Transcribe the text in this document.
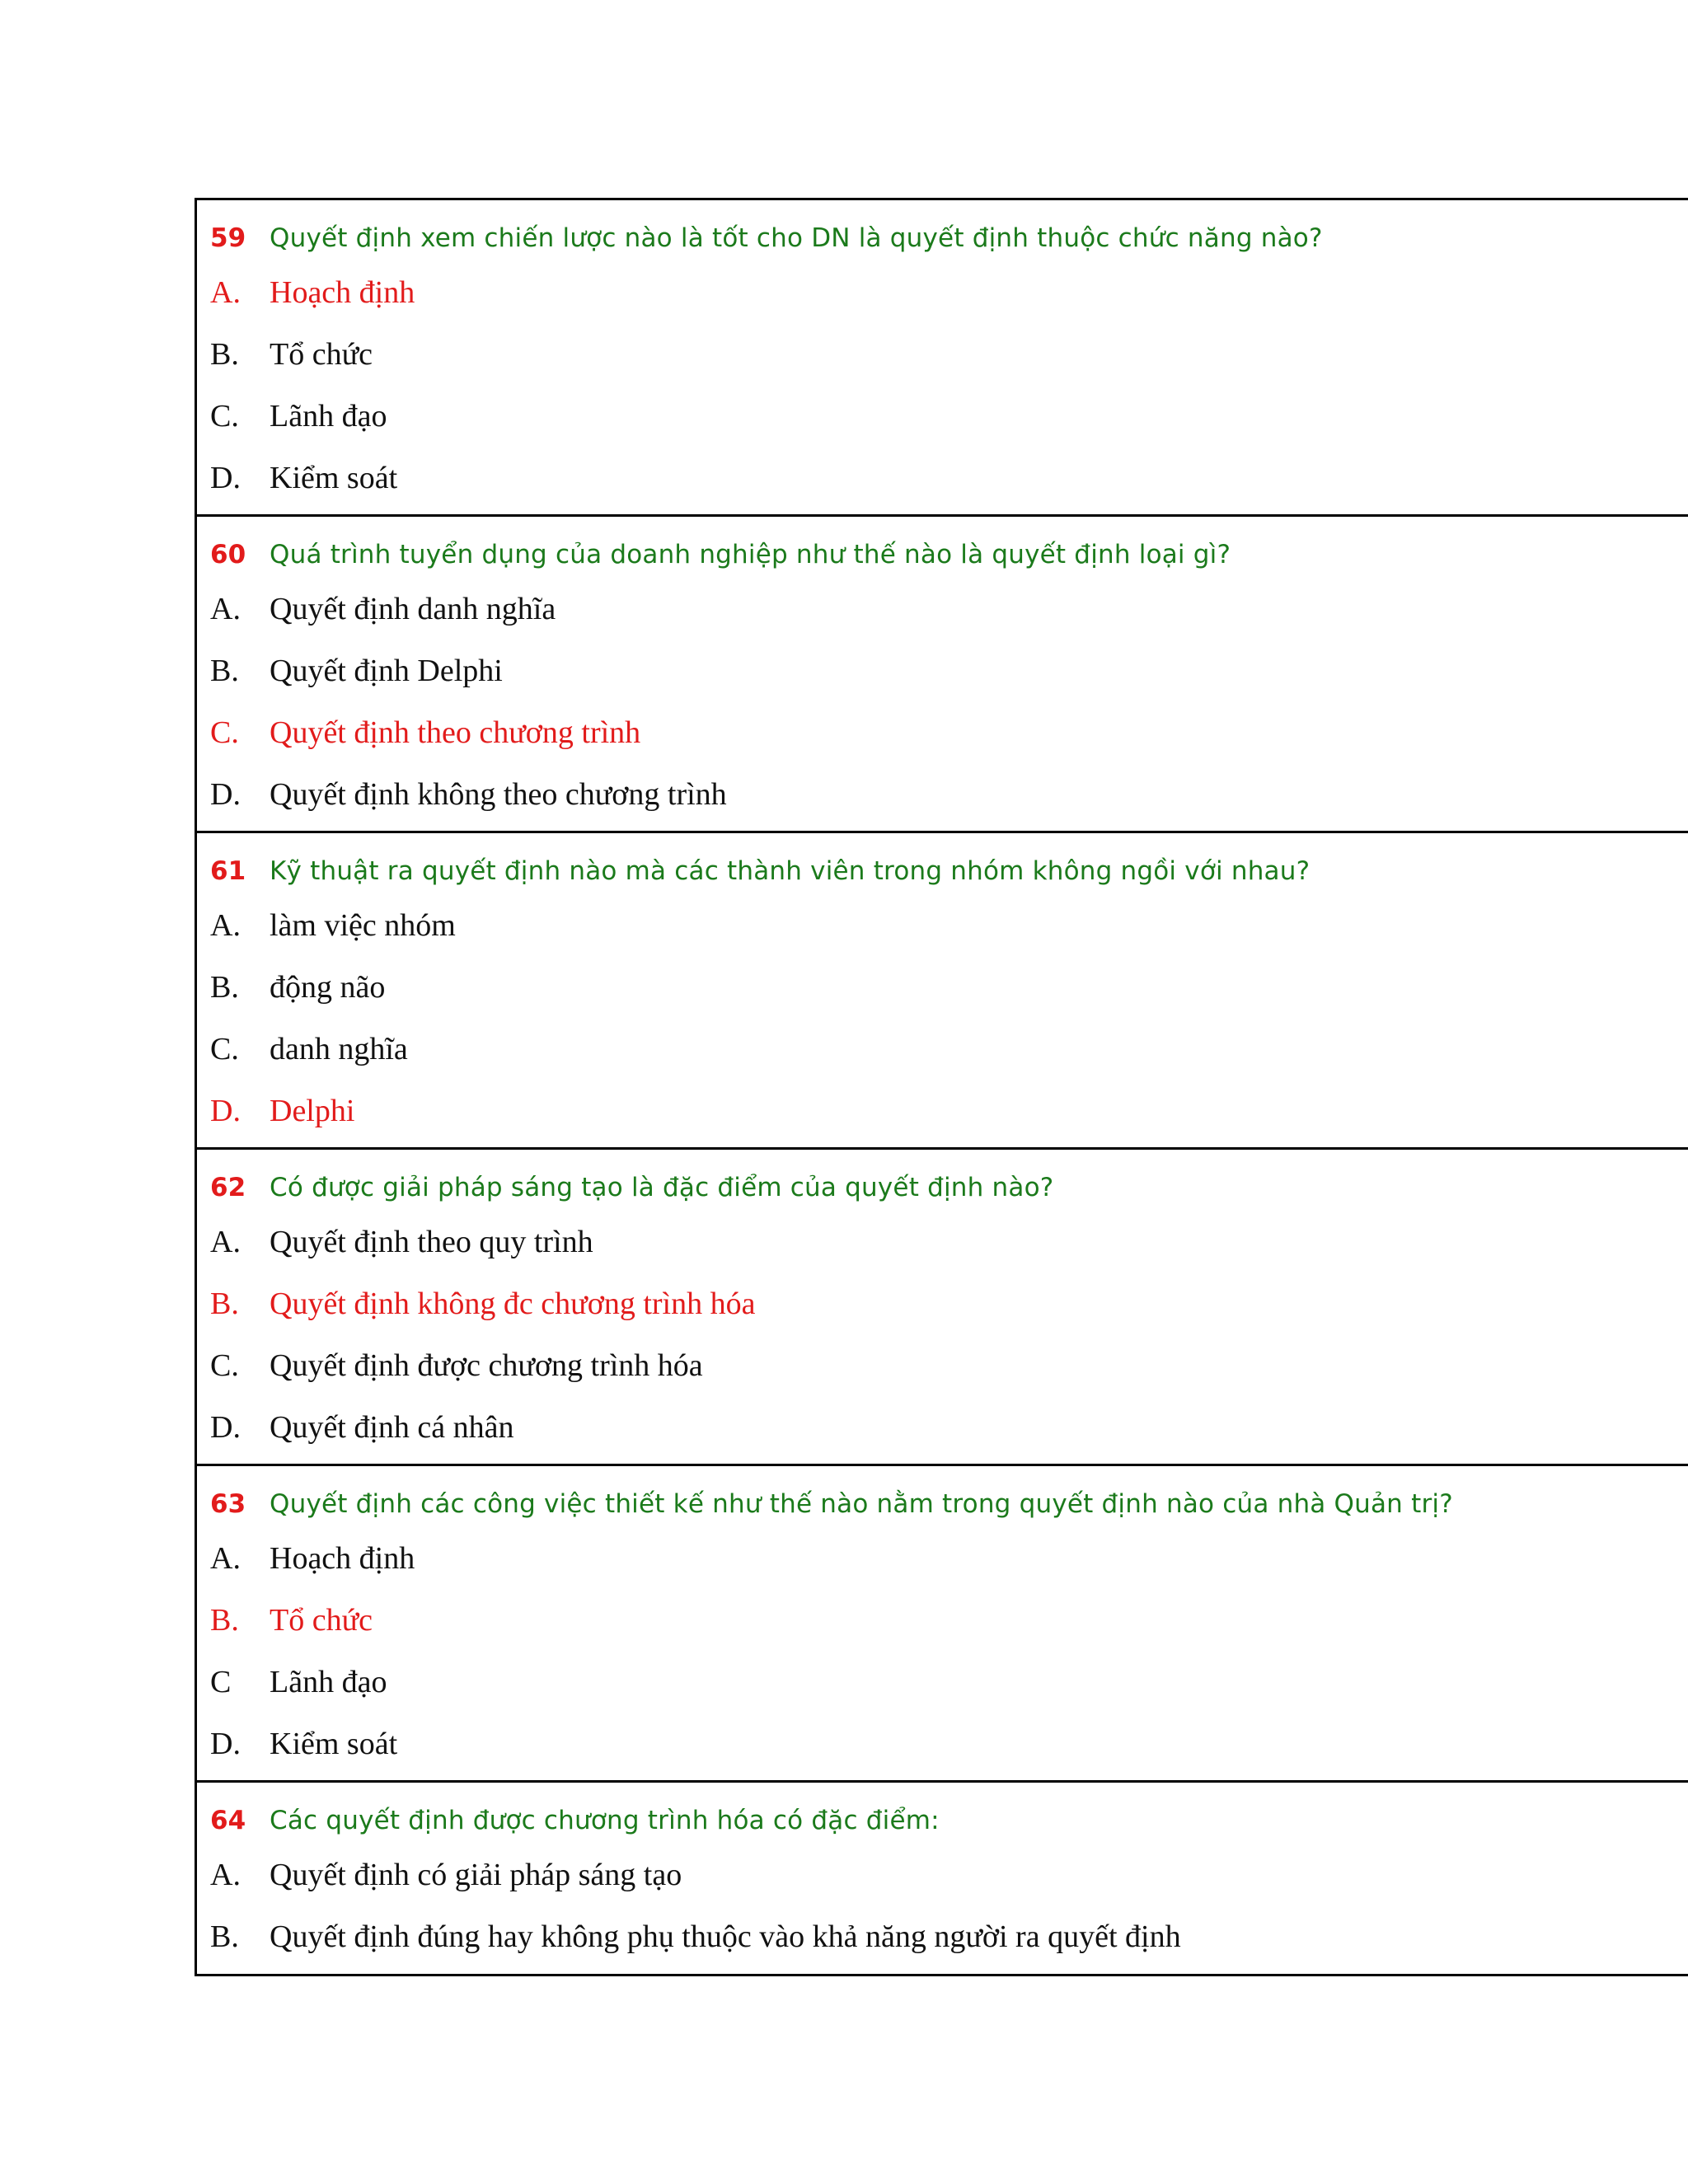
59 Quyết định xem chiến lược nào là tốt cho DN là quyết định thuộc chức năng nào?
A. Hoạch định
B. Tổ chức
C. Lãnh đạo
D. Kiểm soát
60 Quá trình tuyển dụng của doanh nghiệp như thế nào là quyết định loại gì?
A. Quyết định danh nghĩa
B. Quyết định Delphi
C. Quyết định theo chương trình
D. Quyết định không theo chương trình
61 Kỹ thuật ra quyết định nào mà các thành viên trong nhóm không ngồi với nhau?
A. làm việc nhóm
B. động não
C. danh nghĩa
D. Delphi
62 Có được giải pháp sáng tạo là đặc điểm của quyết định nào?
A. Quyết định theo quy trình
B. Quyết định không đc chương trình hóa
C. Quyết định được chương trình hóa
D. Quyết định cá nhân
63 Quyết định các công việc thiết kế như thế nào nằm trong quyết định nào của nhà Quản trị?
A. Hoạch định
B. Tổ chức
C	Lãnh đạo
D. Kiểm soát
64 Các quyết định được chương trình hóa có đặc điểm:
A. Quyết định có giải pháp sáng tạo
B. Quyết định đúng hay không phụ thuộc vào khả năng người ra quyết định
